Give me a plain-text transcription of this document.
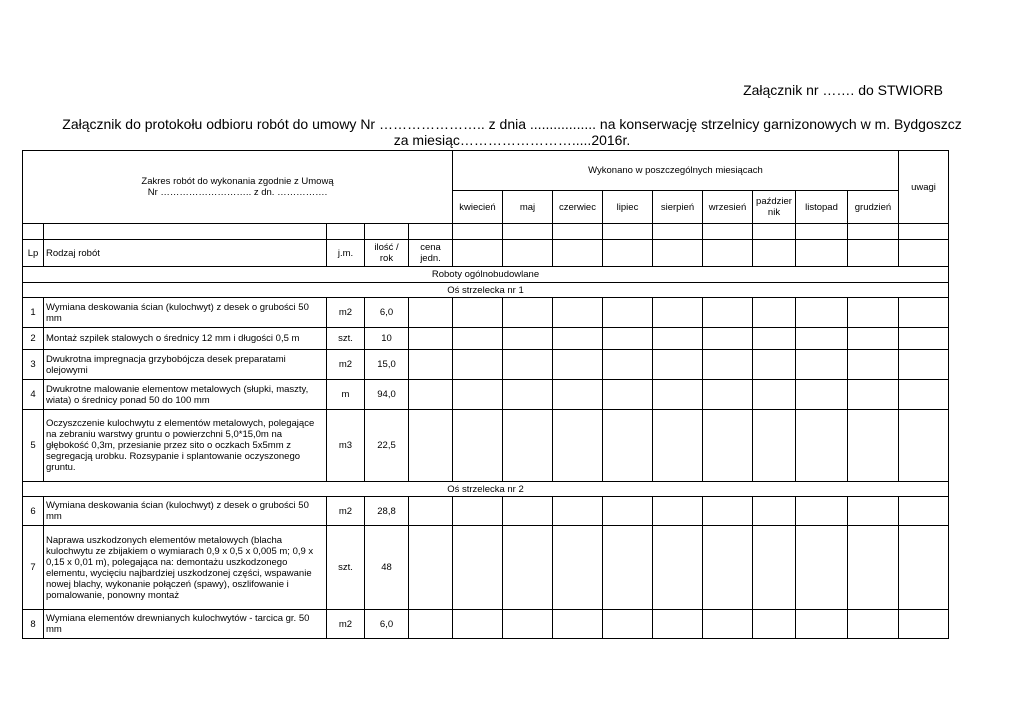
Załącznik nr ……. do STWIORB
Załącznik do protokołu odbioru robót do umowy Nr ………………….. z dnia ................. na konserwację strzelnicy garnizonowych w m. Bydgoszcz
za miesiąc…………………….....2016r.
Zakres robót do wykonania zgodnie z Umową
Nr ……………………….. z dn. …………….					Wykonano w poszczególnych miesiącach									uwagi
					kwiecień	maj	czerwiec	lipiec	sierpień	wrzesień	październik	listopad	grudzień	

Lp	Rodzaj robót	j.m.	ilość / rok	cena jedn.										
Roboty ogólnobudowlane														
Oś strzelecka nr 1														
1	Wymiana deskowania ścian (kulochwyt) z desek o grubości 50 mm	m2	6,0											
2	Montaż szpilek stalowych o średnicy 12 mm i długości 0,5 m	szt.	10											
3	Dwukrotna impregnacja grzybobójcza desek preparatami olejowymi	m2	15,0											
4	Dwukrotne malowanie elementow metalowych (słupki, maszty, wiata) o średnicy ponad 50 do 100 mm	m	94,0											
5	Oczyszczenie kulochwytu z elementów metalowych, polegające na zebraniu warstwy gruntu o powierzchni 5,0*15,0m na głębokość 0,3m, przesianie przez sito o oczkach 5x5mm z segregacją urobku. Rozsypanie i splantowanie oczyszonego gruntu.	m3	22,5											
Oś strzelecka nr 2														
6	Wymiana deskowania ścian (kulochwyt) z desek o grubości 50 mm	m2	28,8											
7	Naprawa uszkodzonych elementów metalowych (blacha kulochwytu ze zbijakiem o wymiarach 0,9 x 0,5 x 0,005 m; 0,9 x 0,15 x 0,01 m), polegająca na: demontażu uszkodzonego elementu, wycięciu najbardziej uszkodzonej części, wspawanie nowej blachy, wykonanie połączeń (spawy), oszlifowanie i pomalowanie, ponowny montaż	szt.	48											
8	Wymiana elementów drewnianych kulochwytów - tarcica gr. 50 mm	m2	6,0											
